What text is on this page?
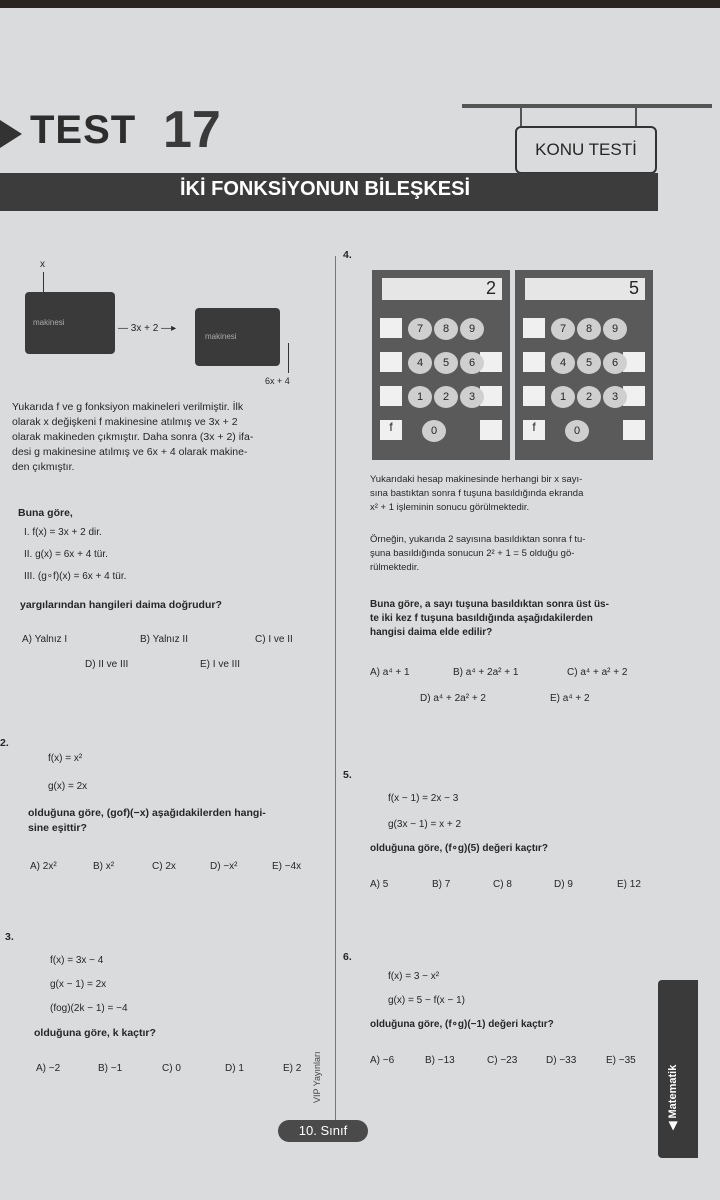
TEST 17	KONU TESTİ
İKİ FONKSİYONUN BİLEŞKESİ
x
makinesi
— 3x + 2 —▸
makinesi
6x + 4
Yukarıda f ve g fonksiyon makineleri verilmiştir. İlk
olarak x değişkeni f makinesine atılmış ve 3x + 2
olarak makineden çıkmıştır. Daha sonra (3x + 2) ifa-
desi g makinesine atılmış ve 6x + 4 olarak makine-
den çıkmıştır.
Buna göre,
I. f(x) = 3x + 2 dir.
II. g(x) = 6x + 4 tür.
III. (g∘f)(x) = 6x + 4 tür.
yargılarından hangileri daima doğrudur?
A) Yalnız I	B) Yalnız II	C) I ve II
D) II ve III	E) I ve III
2.
f(x) = x²
g(x) = 2x
olduğuna göre, (gof)(−x) aşağıdakilerden hangi-
sine eşittir?
A) 2x²	B) x²	C) 2x	D) −x²	E) −4x
3.
f(x) = 3x − 4
g(x − 1) = 2x
(fog)(2k − 1) = −4
olduğuna göre, k kaçtır?
A) −2	B) −1	C) 0	D) 1	E) 2
4.
2
f
7	8	9
4	5	6
1	2	3
0
5
f
7	8	9
4	5	6
1	2	3
0
Yukarıdaki hesap makinesinde herhangi bir x sayı-
sına bastıktan sonra f tuşuna basıldığında ekranda
x² + 1 işleminin sonucu görülmektedir.
Örneğin, yukarıda 2 sayısına basıldıktan sonra f tu-
şuna basıldığında sonucun 2² + 1 = 5 olduğu gö-
rülmektedir.
Buna göre, a sayı tuşuna basıldıktan sonra üst üs-
te iki kez f tuşuna basıldığında aşağıdakilerden
hangisi daima elde edilir?
A) a⁴ + 1	B) a⁴ + 2a² + 1	C) a⁴ + a² + 2
D) a⁴ + 2a² + 2	E) a⁴ + 2
5.
f(x − 1) = 2x − 3
g(3x − 1) = x + 2
olduğuna göre, (f∘g)(5) değeri kaçtır?
A) 5	B) 7	C) 8	D) 9	E) 12
6.
f(x) = 3 − x²
g(x) = 5 − f(x − 1)
olduğuna göre, (f∘g)(−1) değeri kaçtır?
A) −6	B) −13	C) −23	D) −33	E) −35
VIP Yayınları
10. Sınıf
◀ Matematik
